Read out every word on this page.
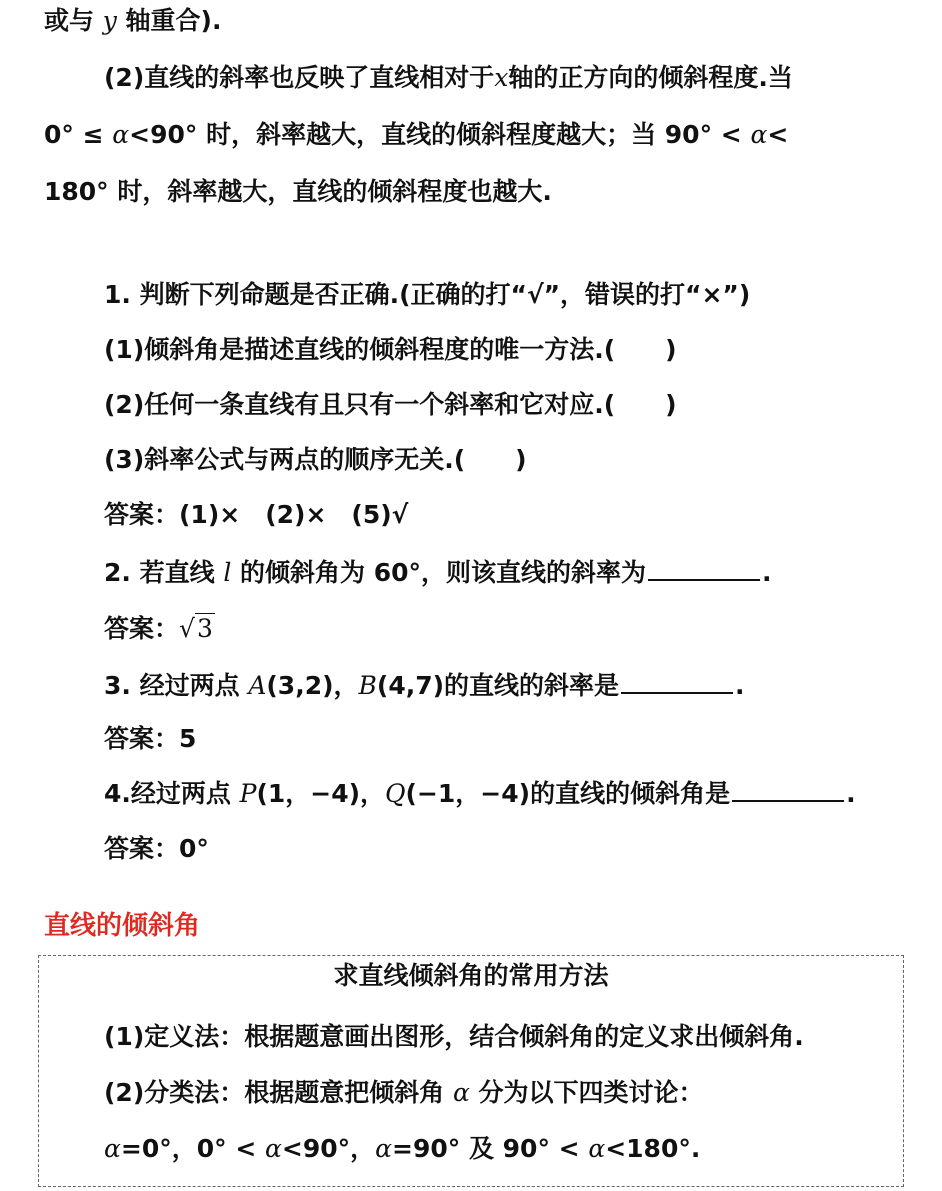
或与 y 轴重合).
(2)直线的斜率也反映了直线相对于x轴的正方向的倾斜程度.当
0° ≤ α<90° 时，斜率越大，直线的倾斜程度越大；当 90° < α<
180° 时，斜率越大，直线的倾斜程度也越大.
1. 判断下列命题是否正确.(正确的打“√”，错误的打“×”)
(1)倾斜角是描述直线的倾斜程度的唯一方法.(　　)
(2)任何一条直线有且只有一个斜率和它对应.(　　)
(3)斜率公式与两点的顺序无关.(　　)
答案：(1)×　(2)×　(5)√
2. 若直线 l 的倾斜角为 60°，则该直线的斜率为	.
答案：√3
3. 经过两点 A(3,2)，B(4,7)的直线的斜率是	.
答案：5
4.经过两点 P(1，−4)，Q(−1，−4)的直线的倾斜角是	.
答案：0°
直线的倾斜角
求直线倾斜角的常用方法
(1)定义法：根据题意画出图形，结合倾斜角的定义求出倾斜角.
(2)分类法：根据题意把倾斜角 α 分为以下四类讨论：
α=0°，0° < α<90°，α=90° 及 90° < α<180°.
